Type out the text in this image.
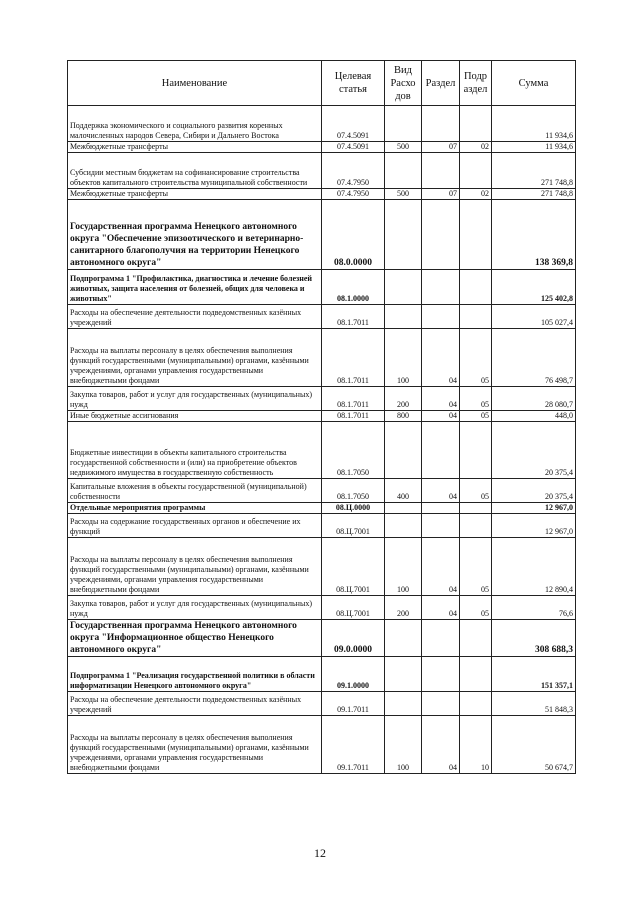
Наименование	Целевая статья	Вид Расхо дов	Раздел	Подр аздел	Сумма
Поддержка экономического и социального развития коренных малочисленных народов Севера, Сибири и Дальнего Востока	07.4.5091				11 934,6
Межбюджетные трансферты	07.4.5091	500	07	02	11 934,6
Субсидии местным бюджетам на софинансирование строительства объектов капитального строительства муниципальной собственности	07.4.7950				271 748,8
Межбюджетные трансферты	07.4.7950	500	07	02	271 748,8
Государственная программа Ненецкого автономного округа "Обеспечение эпизоотического и ветеринарно-санитарного благополучия на территории Ненецкого автономного округа"	08.0.0000				138 369,8
Подпрограмма 1 "Профилактика, диагностика и лечение болезней животных, защита населения от болезней, общих для человека и животных"	08.1.0000				125 402,8
Расходы на обеспечение деятельности подведомственных казённых учреждений	08.1.7011				105 027,4
Расходы на выплаты персоналу в целях обеспечения выполнения функций государственными (муниципальными) органами, казёнными учреждениями, органами управления государственными внебюджетными фондами	08.1.7011	100	04	05	76 498,7
Закупка товаров, работ и услуг для государственных (муниципальных) нужд	08.1.7011	200	04	05	28 080,7
Иные бюджетные ассигнования	08.1.7011	800	04	05	448,0
Бюджетные инвестиции в объекты капитального строительства государственной собственности и (или) на приобретение объектов недвижимого имущества в государственную собственность	08.1.7050				20 375,4
Капитальные вложения в объекты государственной (муниципальной) собственности	08.1.7050	400	04	05	20 375,4
Отдельные мероприятия программы	08.Ц.0000				12 967,0
Расходы на содержание государственных органов и обеспечение их функций	08.Ц.7001				12 967,0
Расходы на выплаты персоналу в целях обеспечения выполнения функций государственными (муниципальными) органами, казёнными учреждениями, органами управления государственными внебюджетными фондами	08.Ц.7001	100	04	05	12 890,4
Закупка товаров, работ и услуг для государственных (муниципальных) нужд	08.Ц.7001	200	04	05	76,6
Государственная программа Ненецкого автономного округа "Информационное общество Ненецкого автономного округа"	09.0.0000				308 688,3
Подпрограмма 1 "Реализация государственной политики в области информатизации Ненецкого автономного округа"	09.1.0000				151 357,1
Расходы на обеспечение деятельности подведомственных казённых учреждений	09.1.7011				51 848,3
Расходы на выплаты персоналу в целях обеспечения выполнения функций государственными (муниципальными) органами, казёнными учреждениями, органами управления государственными внебюджетными фондами	09.1.7011	100	04	10	50 674,7
12
